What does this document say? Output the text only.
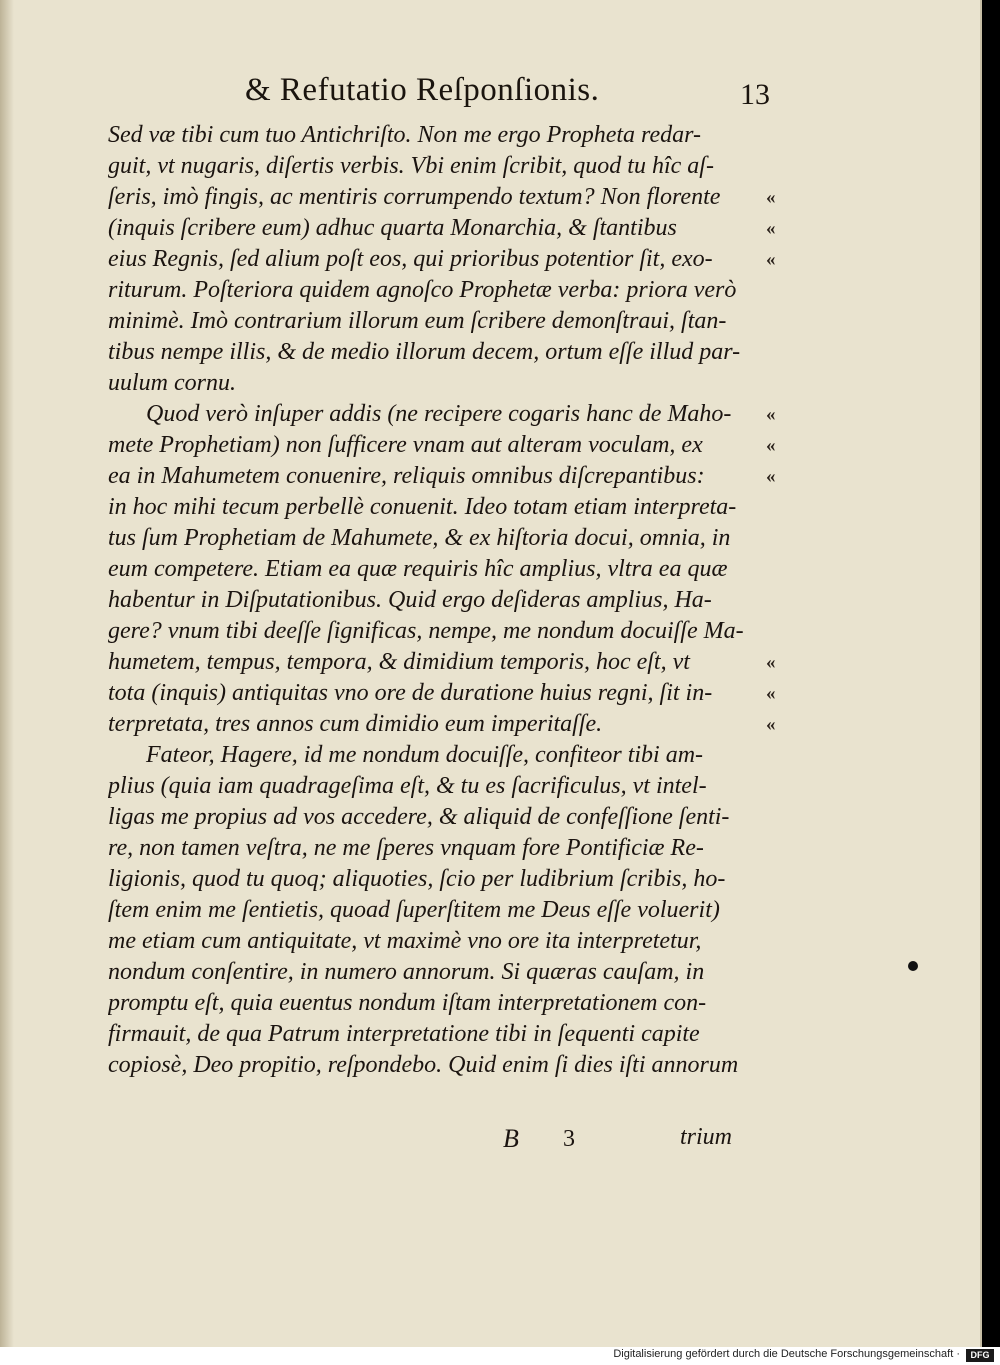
& Refutatio Reſponſionis.	13
Sed væ tibi cum tuo Antichriſto. Non me ergo Propheta redar-
guit, vt nugaris, diſertis verbis. Vbi enim ſcribit, quod tu hîc aſ-
ſeris, imò fingis, ac mentiris corrumpendo textum? Non florente
(inquis ſcribere eum) adhuc quarta Monarchia, & ſtantibus
eius Regnis, ſed alium poſt eos, qui prioribus potentior ſit, exo-
riturum. Poſteriora quidem agnoſco Prophetæ verba: priora verò
minimè. Imò contrarium illorum eum ſcribere demonſtraui, ſtan-
tibus nempe illis, & de medio illorum decem, ortum eſſe illud par-
uulum cornu.
Quod verò inſuper addis (ne recipere cogaris hanc de Maho-
mete Prophetiam) non ſufficere vnam aut alteram voculam, ex
ea in Mahumetem conuenire, reliquis omnibus diſcrepantibus:
in hoc mihi tecum perbellè conuenit. Ideo totam etiam interpreta-
tus ſum Prophetiam de Mahumete, & ex hiſtoria docui, omnia, in
eum competere. Etiam ea quæ requiris hîc amplius, vltra ea quæ
habentur in Diſputationibus. Quid ergo deſideras amplius, Ha-
gere? vnum tibi deeſſe ſignificas, nempe, me nondum docuiſſe Ma-
humetem, tempus, tempora, & dimidium temporis, hoc eſt, vt
tota (inquis) antiquitas vno ore de duratione huius regni, ſit in-
terpretata, tres annos cum dimidio eum imperitaſſe.
Fateor, Hagere, id me nondum docuiſſe, confiteor tibi am-
plius (quia iam quadrageſima eſt, & tu es ſacrificulus, vt intel-
ligas me propius ad vos accedere, & aliquid de confeſſione ſenti-
re, non tamen veſtra, ne me ſperes vnquam fore Pontificiæ Re-
ligionis, quod tu quoq; aliquoties, ſcio per ludibrium ſcribis, ho-
ſtem enim me ſentietis, quoad ſuperſtitem me Deus eſſe voluerit)
me etiam cum antiquitate, vt maximè vno ore ita interpretetur,
nondum conſentire, in numero annorum. Si quæras cauſam, in
promptu eſt, quia euentus nondum iſtam interpretationem con-
firmauit, de qua Patrum interpretatione tibi in ſequenti capite
copiosè, Deo propitio, reſpondebo. Quid enim ſi dies iſti annorum
«
«
«
«
«
«
«
«
«
B 3	trium
Digitalisierung gefördert durch die Deutsche Forschungsgemeinschaft ·	DFG
